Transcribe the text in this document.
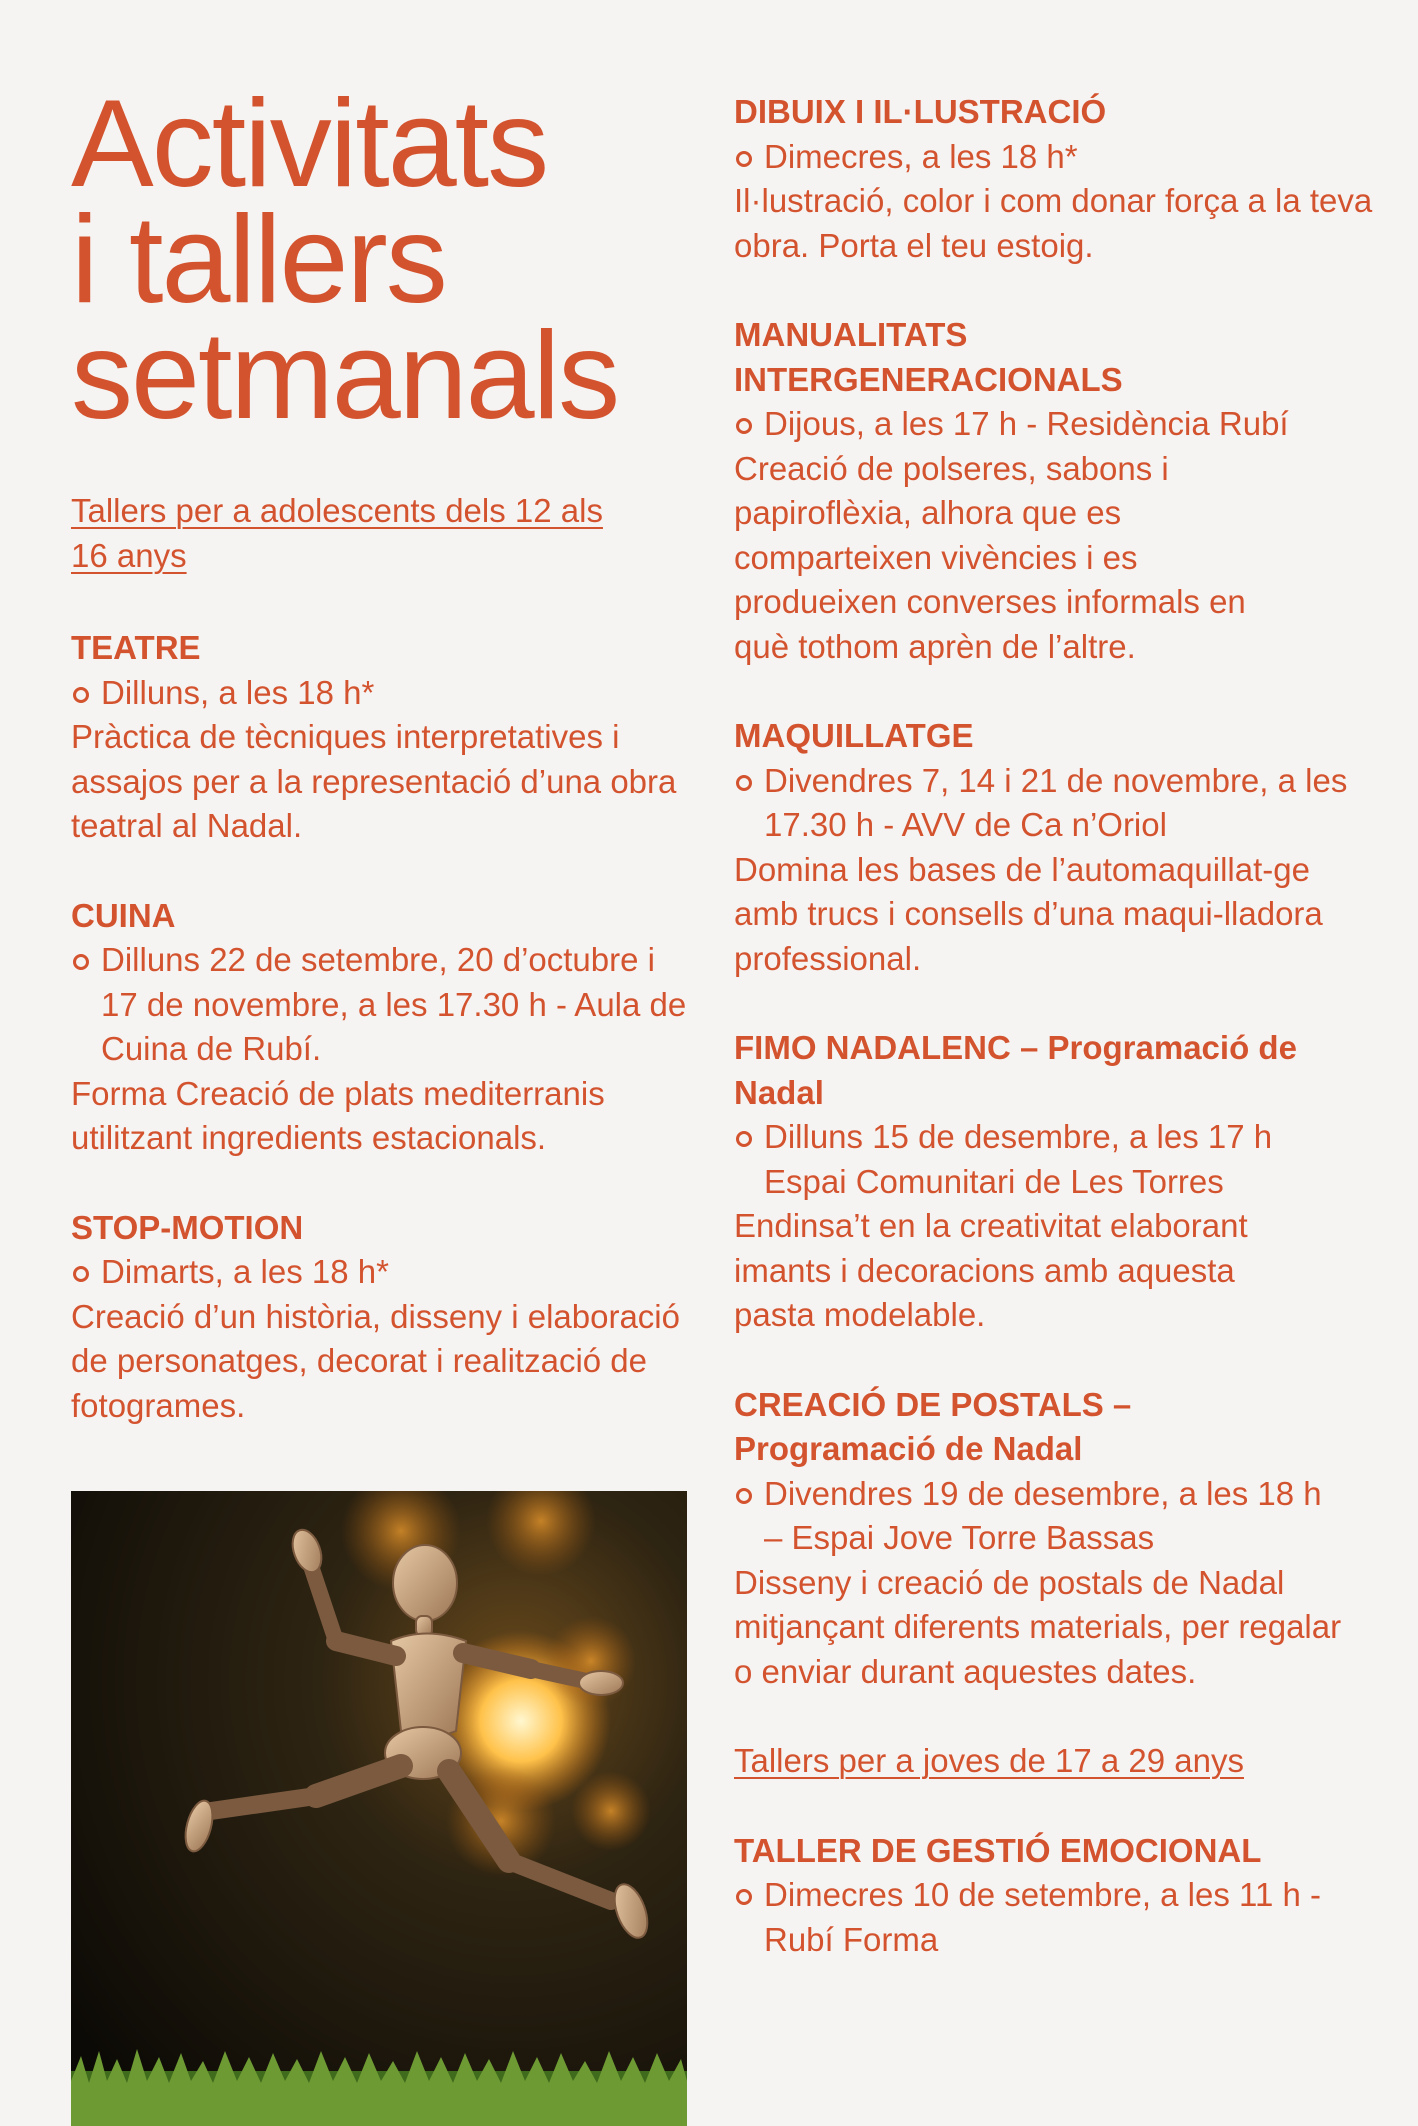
Activitats
i tallers
setmanals
Tallers per a adolescents dels 12 als 16 anys
TEATRE
Dilluns, a les 18 h*

Pràctica de tècniques interpretatives i assajos per a la representació d’una obra teatral al Nadal.

CUINA
Dilluns 22 de setembre, 20 d’octubre i 17 de novembre, a les 17.30 h - Aula de Cuina de Rubí.

Forma Creació de plats mediterranis utilitzant ingredients estacionals.

STOP-MOTION
Dimarts, a les 18 h*

Creació d’un història, disseny i elaboració de personatges, decorat i realització de fotogrames.

DIBUIX I IL·LUSTRACIÓ
Dimecres, a les 18 h*

Il·lustració, color i com donar força a la teva obra. Porta el teu estoig.

MANUALITATS INTERGENERACIONALS
Dijous, a les 17 h - Residència Rubí

Creació de polseres, sabons i papiroflèxia, alhora que es comparteixen vivències i es produeixen converses informals en què tothom aprèn de l’altre.

MAQUILLATGE
Divendres 7, 14 i 21 de novembre, a les 17.30 h - AVV de Ca n’Oriol

Domina les bases de l’automaquillat-ge amb trucs i consells d’una maqui-lladora professional.

FIMO NADALENC – Programació de Nadal
Dilluns 15 de desembre, a les 17 h Espai Comunitari de Les Torres

Endinsa’t en la creativitat elaborant imants i decoracions amb aquesta pasta modelable.

CREACIÓ DE POSTALS – Programació de Nadal
Divendres 19 de desembre, a les 18 h – Espai Jove Torre Bassas

Disseny i creació de postals de Nadal mitjançant diferents materials, per regalar o enviar durant aquestes dates.

Tallers per a joves de 17 a 29 anys
TALLER DE GESTIÓ EMOCIONAL
Dimecres 10 de setembre, a les 11 h - Rubí Forma
